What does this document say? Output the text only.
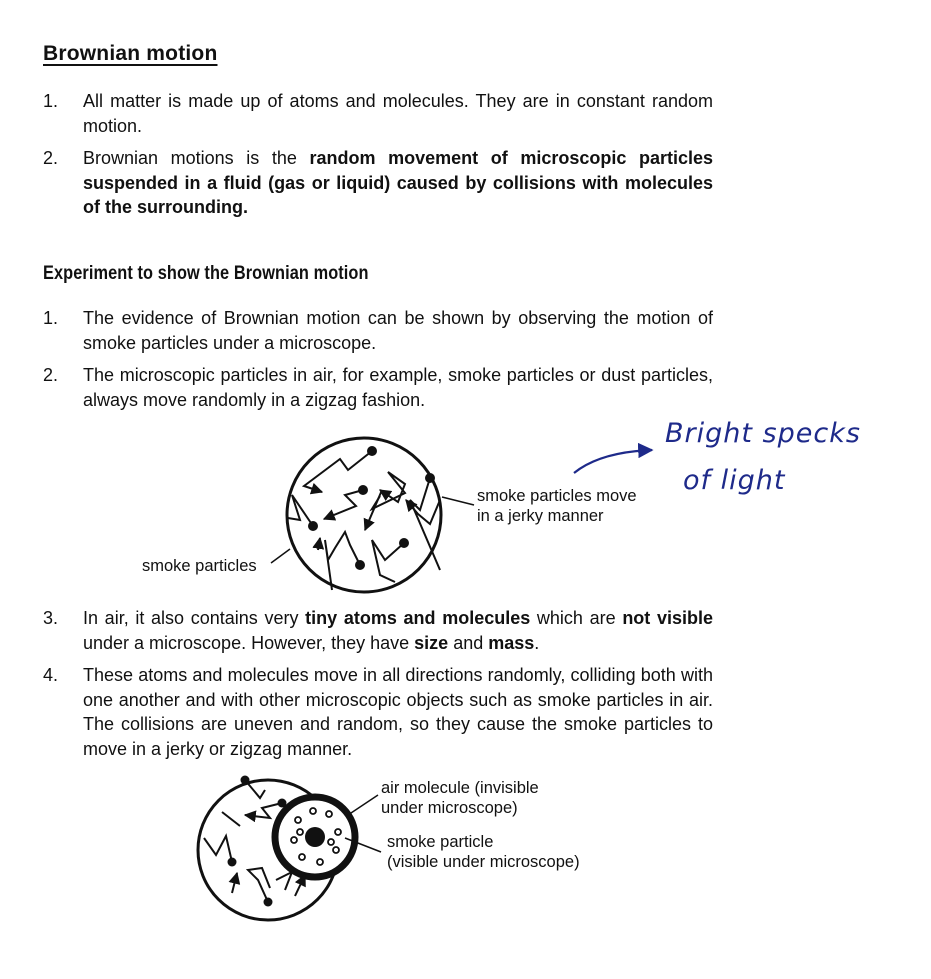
Brownian motion
1. All matter is made up of atoms and molecules. They are in constant random motion.
2. Brownian motions is the random movement of microscopic particles suspended in a fluid (gas or liquid) caused by collisions with molecules of the surrounding.
Experiment to show the Brownian motion
1. The evidence of Brownian motion can be shown by observing the motion of smoke particles under a microscope.
2. The microscopic particles in air, for example, smoke particles or dust particles, always move randomly in a zigzag fashion.
smoke particles move
in a jerky manner
smoke particles
Bright specks
of light
3. In air, it also contains very tiny atoms and molecules which are not visible under a microscope. However, they have size and mass.
4. These atoms and molecules move in all directions randomly, colliding both with one another and with other microscopic objects such as smoke particles in air. The collisions are uneven and random, so they cause the smoke particles to move in a jerky or zigzag manner.
air molecule (invisible
under microscope)
smoke particle
(visible under microscope)
